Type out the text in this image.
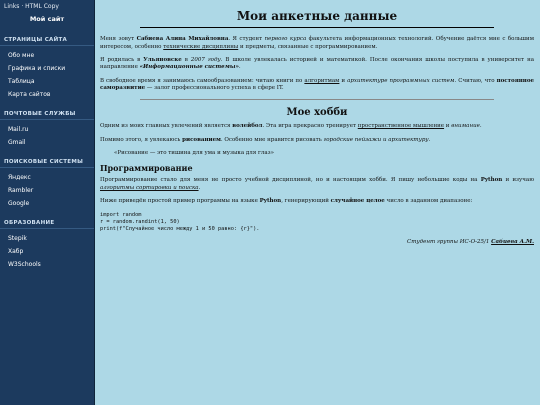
Links · HTML Copy
Мой сайт
СТРАНИЦЫ САЙТА
Обо мне
Графика и списки
Таблица
Карта сайтов
ПОЧТОВЫЕ СЛУЖБЫ
Mail.ru
Gmail
ПОИСКОВЫЕ СИСТЕМЫ
Яндекс
Rambler
Google
ОБРАЗОВАНИЕ
Stepik
Хабр
W3Schools
Мои анкетные данные

Меня зовут Сабиева Алина Михайловна. Я студент первого курса факультета информационных технологий. Обучение даётся мне с большим интересом, особенно технические дисциплины и предметы, связанные с программированием.

Я родилась в Ульяновске в 2007 году. В школе увлекалась историей и математикой. После окончания школы поступила в университет на направление «Информационные системы».

В свободное время я занимаюсь самообразованием: читаю книги по алгоритмам и архитектуре программных систем. Считаю, что постоянное саморазвитие — залог профессионального успеха в сфере IT.

Мое хобби

Одним из моих главных увлечений является волейбол. Эта игра прекрасно тренирует пространственное мышление и внимание.

Помимо этого, я увлекаюсь рисованием. Особенно мне нравится рисовать городские пейзажи и архитектуру.

«Рисование — это тишина для ума и музыка для глаз»
Программирование

Программирование стало для меня не просто учебной дисциплиной, но и настоящим хобби. Я пишу небольшие коды на Python и изучаю алгоритмы сортировки и поиска.

Ниже приведён простой пример программы на языке Python, генерирующий случайное целое число в заданном диапазоне:

import random
r = random.randint(1, 50)
print(f"Случайное число между 1 и 50 равно: {r}").
Студент группы ИС-О-25/1 Сабиева А.М.
